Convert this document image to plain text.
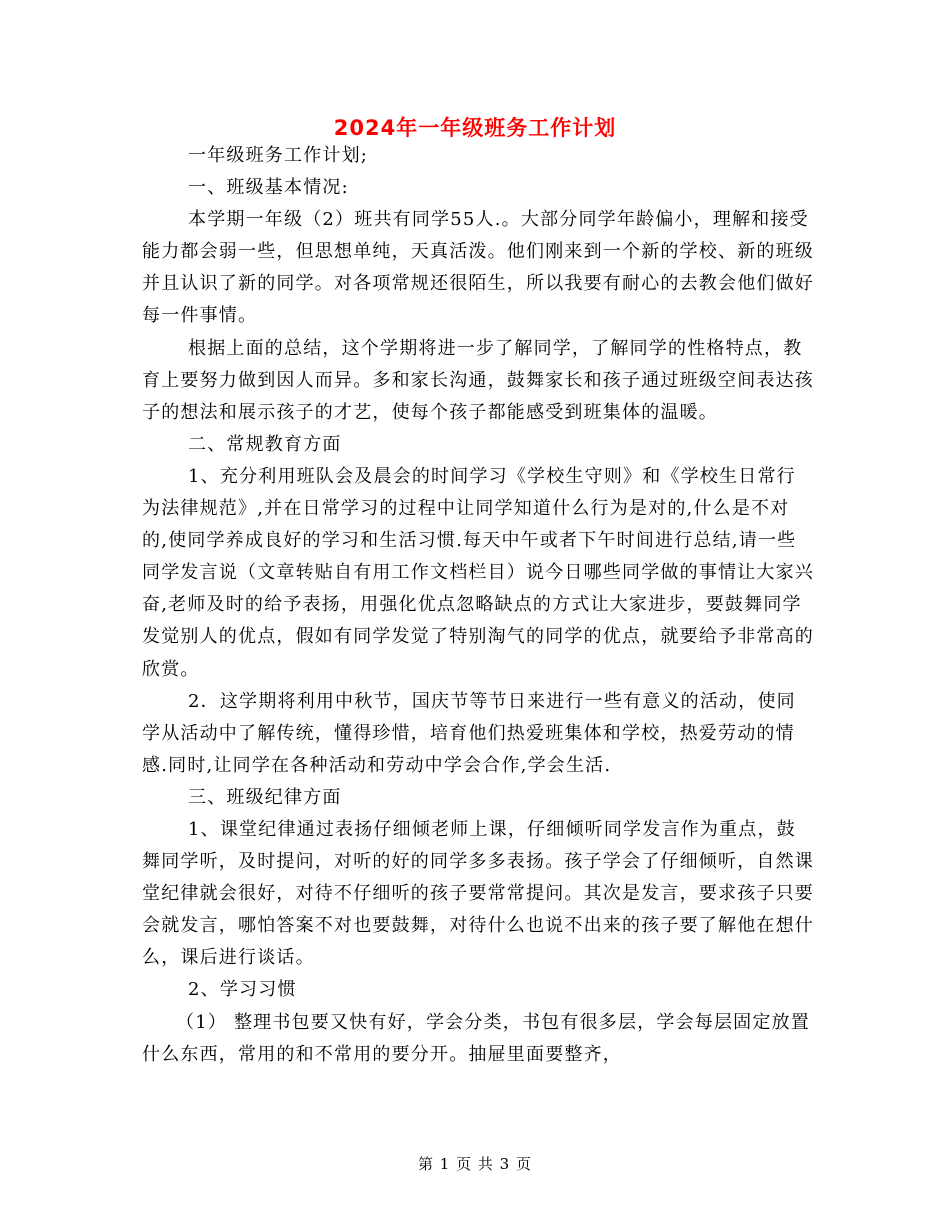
2024年一年级班务工作计划

一年级班务工作计划;

一、班级基本情况:

本学期一年级（2）班共有同学55人.。大部分同学年龄偏小，理解和接受能力都会弱一些，但思想单纯，天真活泼。他们刚来到一个新的学校、新的班级并且认识了新的同学。对各项常规还很陌生，所以我要有耐心的去教会他们做好每一件事情。

根据上面的总结，这个学期将进一步了解同学，了解同学的性格特点，教育上要努力做到因人而异。多和家长沟通，鼓舞家长和孩子通过班级空间表达孩子的想法和展示孩子的才艺，使每个孩子都能感受到班集体的温暖。

二、常规教育方面

1、充分利用班队会及晨会的时间学习《学校生守则》和《学校生日常行为法律规范》,并在日常学习的过程中让同学知道什么行为是对的,什么是不对的,使同学养成良好的学习和生活习惯.每天中午或者下午时间进行总结,请一些同学发言说（文章转贴自有用工作文档栏目）说今日哪些同学做的事情让大家兴奋,老师及时的给予表扬，用强化优点忽略缺点的方式让大家进步，要鼓舞同学发觉别人的优点，假如有同学发觉了特别淘气的同学的优点，就要给予非常高的欣赏。

2．这学期将利用中秋节，国庆节等节日来进行一些有意义的活动，使同学从活动中了解传统，懂得珍惜，培育他们热爱班集体和学校，热爱劳动的情感.同时,让同学在各种活动和劳动中学会合作,学会生活.

三、班级纪律方面

1、课堂纪律通过表扬仔细倾老师上课，仔细倾听同学发言作为重点，鼓舞同学听，及时提问，对听的好的同学多多表扬。孩子学会了仔细倾听，自然课堂纪律就会很好，对待不仔细听的孩子要常常提问。其次是发言，要求孩子只要会就发言，哪怕答案不对也要鼓舞，对待什么也说不出来的孩子要了解他在想什么，课后进行谈话。

2、学习习惯

（1） 整理书包要又快有好，学会分类，书包有很多层，学会每层固定放置什么东西，常用的和不常用的要分开。抽屉里面要整齐，

第 1 页 共 3 页
